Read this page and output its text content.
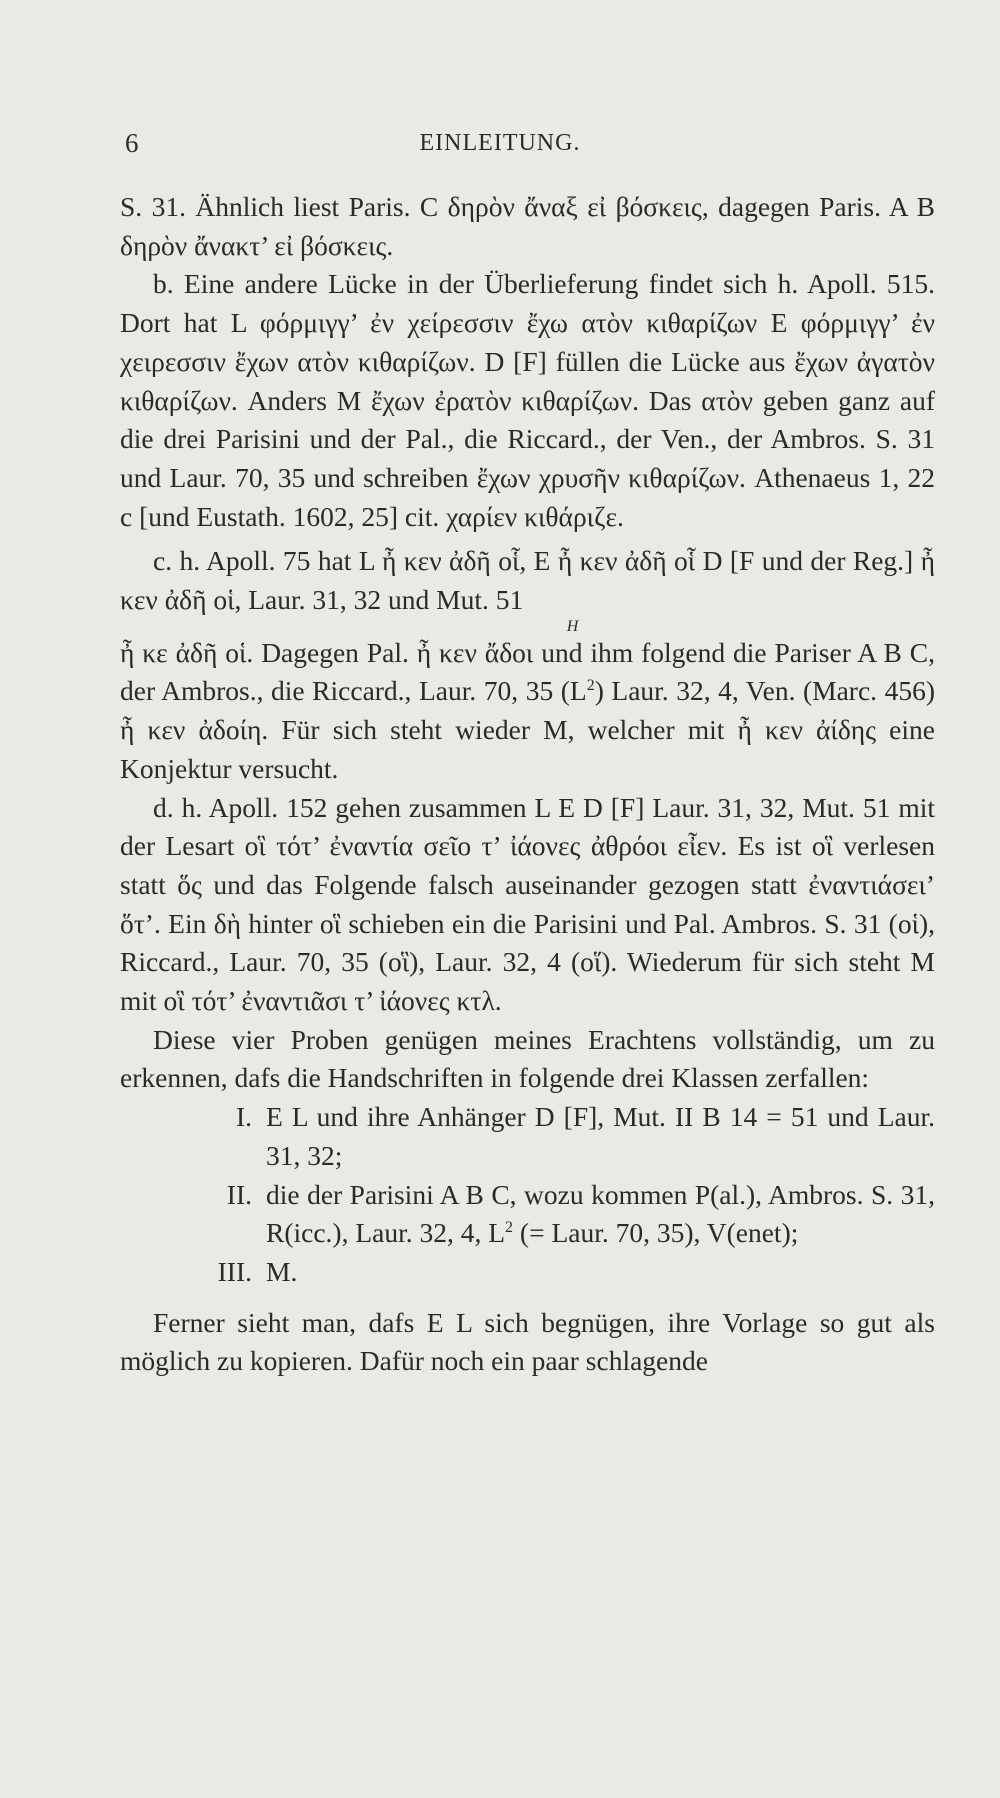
6	EINLEITUNG.

S. 31. Ähnlich liest Paris. C δηρὸν ἄναξ εἰ βόσκεις, dagegen Paris. A B δηρὸν ἄνακτ’ εἰ βόσκεις.

b. Eine andere Lücke in der Überlieferung findet sich h. Apoll. 515. Dort hat L φόρμιγγ’ ἐν χείρεσσιν ἔχω ατὸν κιθαρίζων E φόρμιγγ’ ἐν χειρεσσιν ἔχων ατὸν κιθαρίζων. D [F] füllen die Lücke aus ἔχων ἀγατὸν κιθαρίζων. Anders M ἔχων ἐρατὸν κιθαρίζων. Das ατὸν geben ganz auf die drei Parisini und der Pal., die Riccard., der Ven., der Ambros. S. 31 und Laur. 70, 35 und schreiben ἔχων χρυσῆν κιθαρίζων. Athenaeus 1, 22 c [und Eustath. 1602, 25] cit. χαρίεν κιθάριζε.

c. h. Apoll. 75 hat L ἦ κεν ἀδῆ οἷ, E ἦ κεν ἀδῆ οἷ D [F und der Reg.] ἦ κεν ἀδῆ οἱ, Laur. 31, 32 und Mut. 51

H

ἦ κε ἀδῆ οἱ. Dagegen Pal. ἦ κεν ἄδοι und ihm folgend die Pariser A B C, der Ambros., die Riccard., Laur. 70, 35 $(L^2)$ Laur. 32, 4, Ven. (Marc. 456) ἦ κεν ἀδοίη. Für sich steht wieder M, welcher mit ἦ κεν ἀίδης eine Konjektur versucht.

d. h. Apoll. 152 gehen zusammen L E D [F] Laur. 31, 32, Mut. 51 mit der Lesart οἳ τότ’ ἐναντία σεῖο τ’ ἰάονες ἀθρόοι εἶεν. Es ist οἳ verlesen statt ὅς und das Folgende falsch auseinander gezogen statt ἐναντιάσει’ ὅτ’. Ein δὴ hinter οἳ schieben ein die Parisini und Pal. Ambros. S. 31 (οἱ), Riccard., Laur. 70, 35 (οἳ), Laur. 32, 4 (οἵ). Wiederum für sich steht M mit οἳ τότ’ ἐναντιᾶσι τ’ ἰάονες κτλ.

Diese vier Proben genügen meines Erachtens vollständig, um zu erkennen, dafs die Handschriften in folgende drei Klassen zerfallen:

I. E L und ihre Anhänger D [F], Mut. II B 14 = 51 und Laur. 31, 32;
II. die der Parisini A B C, wozu kommen P(al.), Ambros. S. 31, R(icc.), Laur. 32, 4, $L^2$ (= Laur. 70, 35), V(enet);
III. M.

Ferner sieht man, dafs E L sich begnügen, ihre Vorlage so gut als möglich zu kopieren. Dafür noch ein paar schlagende
